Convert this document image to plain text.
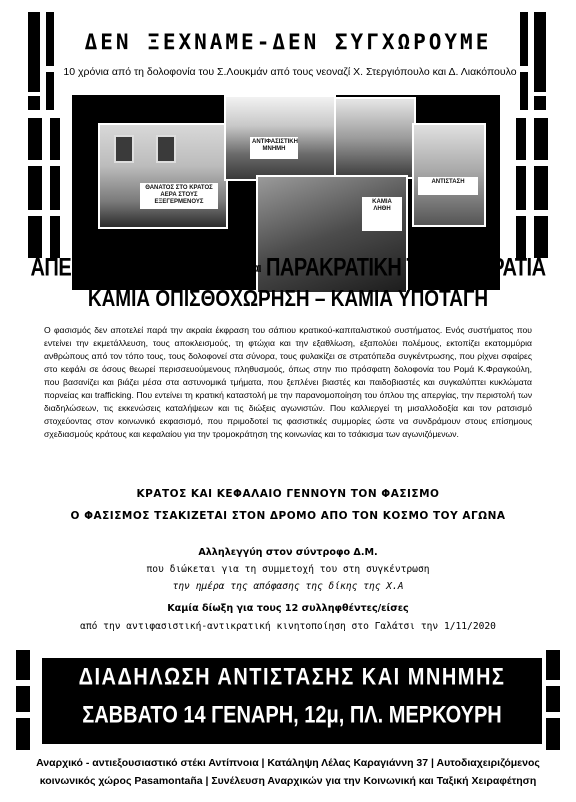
ΔΕΝ ΞΕΧΝΑΜΕ-ΔΕΝ ΣΥΓΧΩΡΟΥΜΕ
10 χρόνια από τη δολοφονία του Σ.Λουκμάν από τους νεοναζί Χ. Στεργιόπουλο και Δ. Λιακόπουλο
ΘΑΝΑΤΟΣ ΣΤΟ ΚΡΑΤΟΣ ΑΕΡΑ ΣΤΟΥΣ ΕΞΕΓΕΡΜΕΝΟΥΣ
ΑΝΤΙΦΑΣΙΣΤΙΚΗ ΜΝΗΜΗ
ΑΝΤΙΣΤΑΣΗ
ΚΑΜΙΑ ΛΗΘΗ
ΑΠΕΝΑΝΤΙ στην ΚΡΑΤΙΚΗ και ΠΑΡΑΚΡΑΤΙΚΗ ΤΡΟΜΟΚΡΑΤΙΑ
ΚΑΜΙΑ ΟΠΙΣΘΟΧΩΡΗΣΗ – ΚΑΜΙΑ ΥΠΟΤΑΓΗ
Ο φασισμός δεν αποτελεί παρά την ακραία έκφραση του σάπιου κρατικού-καπιταλιστικού συστήματος. Ενός συστήματος που εντείνει την εκμετάλλευση, τους αποκλεισμούς, τη φτώχια και την εξαθλίωση, εξαπολύει πολέμους, εκτοπίζει εκατομμύρια ανθρώπους από τον τόπο τους, τους δολοφονεί στα σύνορα, τους φυλακίζει σε στρατόπεδα συγκέντρωσης, που ρίχνει σφαίρες στο κεφάλι σε όσους θεωρεί περισσευούμενους πληθυσμούς, όπως στην πιο πρόσφατη δολοφονία του Ρομά Κ.Φραγκούλη, που βασανίζει και βιάζει μέσα στα αστυνομικά τμήματα, που ξεπλένει βιαστές και παιδοβιαστές και συγκαλύπτει κυκλώματα πορνείας και trafficking. Που εντείνει τη κρατική καταστολή με την παρανομοποίηση του όπλου της απεργίας, την περιστολή των διαδηλώσεων, τις εκκενώσεις καταλήψεων και τις διώξεις αγωνιστών. Που καλλιεργεί τη μισαλλοδοξία και τον ρατσισμό στοχεύοντας στον κοινωνικό εκφασισμό, που πριμοδοτεί τις φασιστικές συμμορίες ώστε να συνδράμουν στους επίσημους σχεδιασμούς κράτους και κεφαλαίου για την τρομοκράτηση της κοινωνίας και το τσάκισμα των αγωνιζόμενων.
ΚΡΑΤΟΣ ΚΑΙ ΚΕΦΑΛΑΙΟ ΓΕΝΝΟΥΝ ΤΟΝ ΦΑΣΙΣΜΟ
Ο ΦΑΣΙΣΜΟΣ ΤΣΑΚΙΖΕΤΑΙ ΣΤΟΝ ΔΡΟΜΟ ΑΠΟ ΤΟΝ ΚΟΣΜΟ ΤΟΥ ΑΓΩΝΑ
Αλληλεγγύη στον σύντροφο Δ.Μ.
που διώκεται για τη συμμετοχή του στη συγκέντρωση
την ημέρα της απόφασης της δίκης της Χ.Α
Καμία δίωξη για τους 12 συλληφθέντες/είσες
από την αντιφασιστική-αντικρατική κινητοποίηση στο Γαλάτσι την 1/11/2020
ΔΙΑΔΗΛΩΣΗ ΑΝΤΙΣΤΑΣΗΣ ΚΑΙ ΜΝΗΜΗΣ
ΣΑΒΒΑΤΟ 14 ΓΕΝΑΡΗ, 12μ, ΠΛ. ΜΕΡΚΟΥΡΗ
Αναρχικό - αντιεξουσιαστικό στέκι Αντίπνοια | Κατάληψη Λέλας Καραγιάννη 37 | Αυτοδιαχειριζόμενος
κοινωνικός χώρος Pasamontaña | Συνέλευση Αναρχικών για την Κοινωνική και Ταξική Χειραφέτηση
